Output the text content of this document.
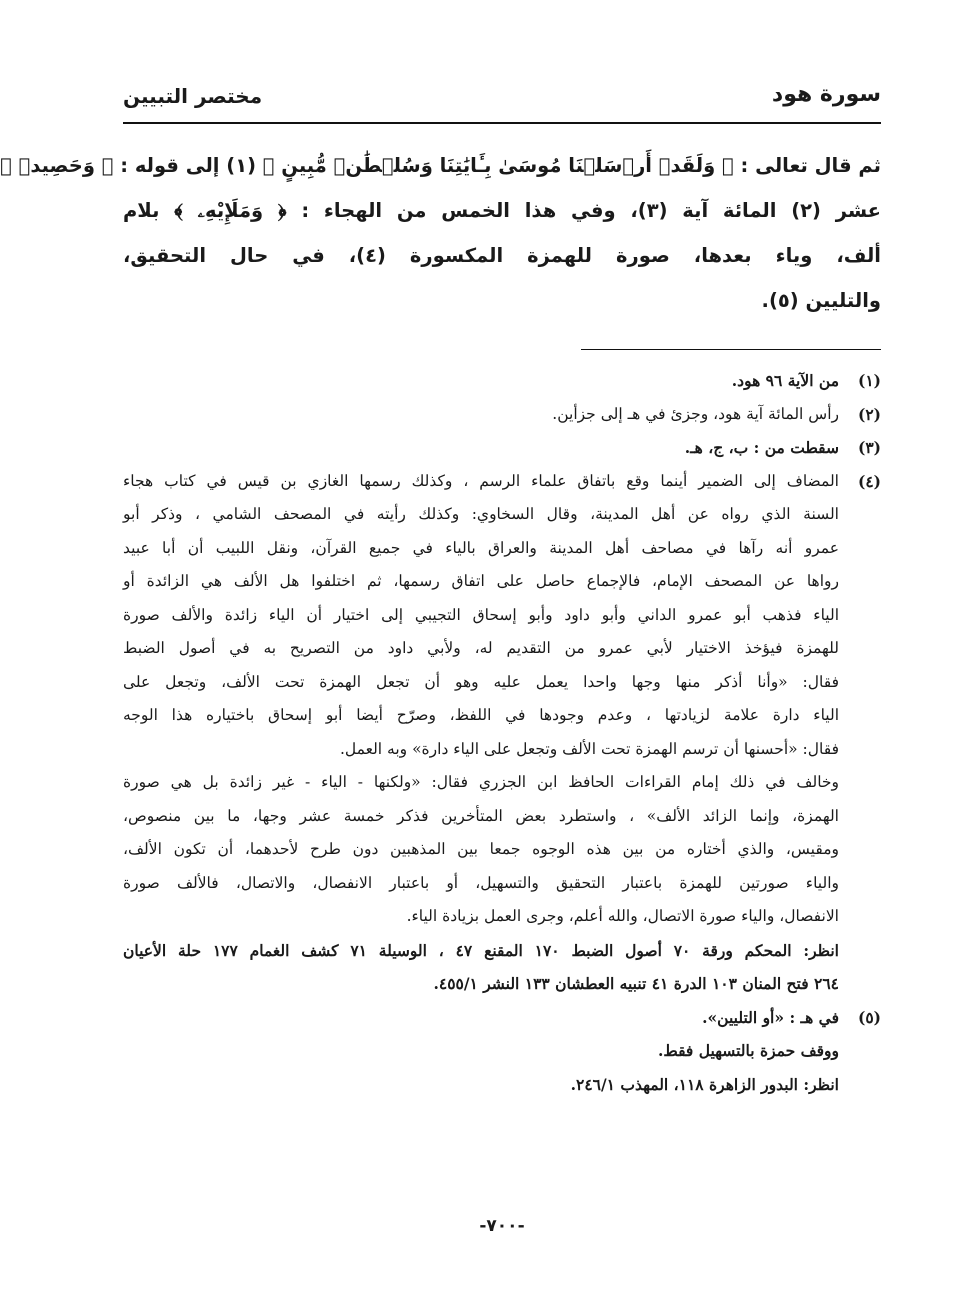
سورة هود
مختصر التبيين
ثم قال تعالى : ﴿ وَلَقَدۡ أَرۡسَلۡنَا مُوسَىٰ بِـَٔايَٰتِنَا وَسُلۡطَٰنٖ مُّبِينٍ ﴾ (١) إلى قوله : ﴿ وَحَصِيدٞ ﴾
عشر (٢) المائة آية (٣)، وفي هذا الخمس من الهجاء : ﴿ وَمَلَإِيْهِۦ ﴾ بلام
ألف، وياء بعدها، صورة للهمزة المكسورة (٤)، في حال التحقيق،
والتليين (٥).
(١)
من الآية ٩٦ هود.
(٢)
رأس المائة آية هود، وجزئ في هـ إلى جزأين.
(٣)
سقطت من : ب، ج، هـ.
(٤)
المضاف إلى الضمير أينما وقع باتفاق علماء الرسم ، وكذلك رسمها الغازي بن قيس في كتاب هجاء
السنة الذي رواه عن أهل المدينة، وقال السخاوي: وكذلك رأيته في المصحف الشامي ، وذكر أبو
عمرو أنه رآها في مصاحف أهل المدينة والعراق بالياء في جميع القرآن، ونقل اللبيب أن أبا عبيد
رواها عن المصحف الإمام، فالإجماع حاصل على اتفاق رسمها، ثم اختلفوا هل الألف هي الزائدة أو
الياء فذهب أبو عمرو الداني وأبو داود وأبو إسحاق التجيبي إلى اختيار أن الياء زائدة والألف صورة
للهمزة فيؤخذ الاختيار لأبي عمرو من التقديم له، ولأبي داود من التصريح به في أصول الضبط
فقال: «وأنا أذكر منها وجها واحدا يعمل عليه وهو أن تجعل الهمزة تحت الألف، وتجعل على
الياء دارة علامة لزيادتها ، وعدم وجودها في اللفظ، وصرّح أيضا أبو إسحاق باختياره هذا الوجه
فقال: «أحسنها أن ترسم الهمزة تحت الألف وتجعل على الياء دارة» وبه العمل.
وخالف في ذلك إمام القراءات الحافظ ابن الجزري فقال: «ولكنها - الياء - غير زائدة بل هي صورة
الهمزة، وإنما الزائد الألف» ، واستطرد بعض المتأخرين فذكر خمسة عشر وجها، ما بين منصوص،
ومقيس، والذي أختاره من بين هذه الوجوه جمعا بين المذهبين دون طرح لأحدهما، أن تكون الألف،
والياء صورتين للهمزة باعتبار التحقيق والتسهيل، أو باعتبار الانفصال، والاتصال، فالألف صورة
الانفصال، والياء صورة الاتصال، والله أعلم، وجرى العمل بزيادة الياء.
انظر: المحكم ورقة ٧٠ أصول الضبط ١٧٠ المقنع ٤٧ ، الوسيلة ٧١ كشف الغمام ١٧٧ حلة الأعيان
٢٦٤ فتح المنان ١٠٣ الدرة ٤١ تنبيه العطشان ١٣٣ النشر ٤٥٥/١.
(٥)
في هـ : «أو التليين».
ووقف حمزة بالتسهيل فقط.
انظر: البدور الزاهرة ١١٨، المهذب ٢٤٦/١.
-٧٠٠-
